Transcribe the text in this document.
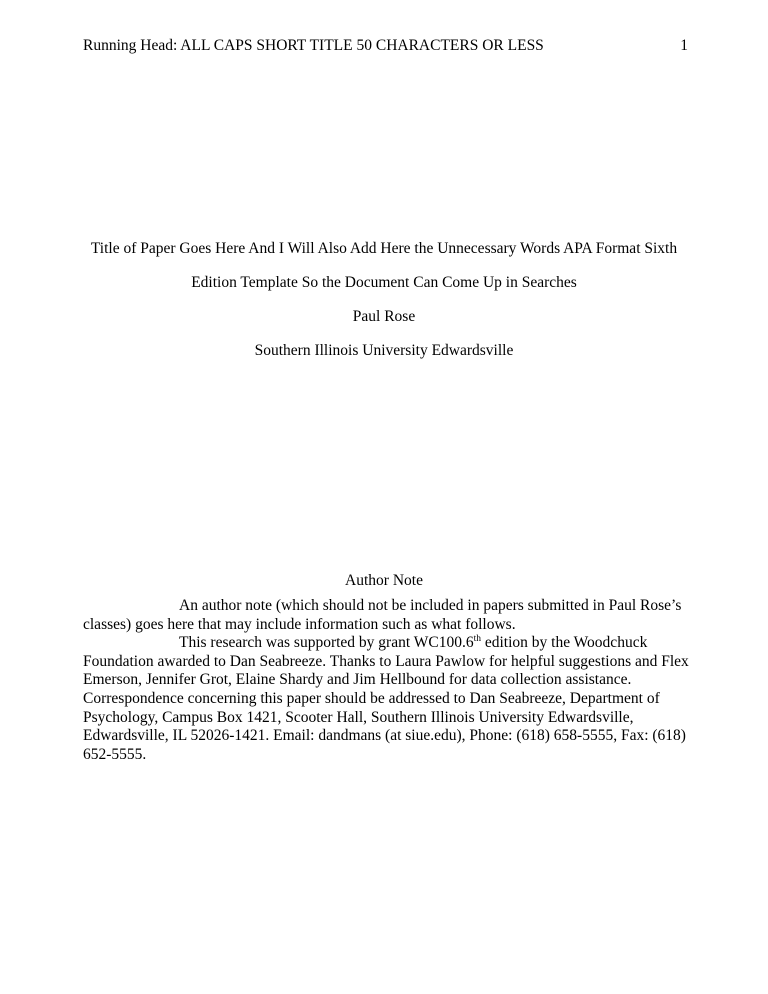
Running Head: ALL CAPS SHORT TITLE 50 CHARACTERS OR LESS	1

Title of Paper Goes Here And I Will Also Add Here the Unnecessary Words APA Format Sixth

Edition Template So the Document Can Come Up in Searches

Paul Rose

Southern Illinois University Edwardsville

Author Note

An author note (which should not be included in papers submitted in Paul Rose’s classes) goes here that may include information such as what follows.

This research was supported by grant WC100.6th edition by the Woodchuck Foundation awarded to Dan Seabreeze. Thanks to Laura Pawlow for helpful suggestions and Flex Emerson, Jennifer Grot, Elaine Shardy and Jim Hellbound for data collection assistance. Correspondence concerning this paper should be addressed to Dan Seabreeze, Department of Psychology, Campus Box 1421, Scooter Hall, Southern Illinois University Edwardsville, Edwardsville, IL 52026-1421. Email: dandmans (at siue.edu), Phone: (618) 658-5555, Fax: (618) 652-5555.
